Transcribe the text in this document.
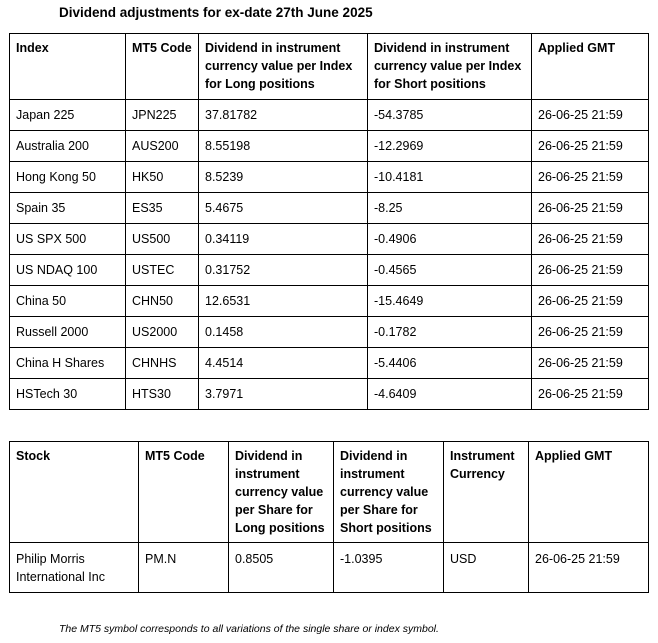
Dividend adjustments for ex-date 27th June 2025
Index	MT5 Code	Dividend in instrument currency value per Index for Long positions	Dividend in instrument currency value per Index for Short positions	Applied GMT
Japan 225	JPN225	37.81782	-54.3785	26-06-25 21:59
Australia 200	AUS200	8.55198	-12.2969	26-06-25 21:59
Hong Kong 50	HK50	8.5239	-10.4181	26-06-25 21:59
Spain 35	ES35	5.4675	-8.25	26-06-25 21:59
US SPX 500	US500	0.34119	-0.4906	26-06-25 21:59
US NDAQ 100	USTEC	0.31752	-0.4565	26-06-25 21:59
China 50	CHN50	12.6531	-15.4649	26-06-25 21:59
Russell 2000	US2000	0.1458	-0.1782	26-06-25 21:59
China H Shares	CHNHS	4.4514	-5.4406	26-06-25 21:59
HSTech 30	HTS30	3.7971	-4.6409	26-06-25 21:59
Stock	MT5 Code	Dividend in instrument currency value per Share for Long positions	Dividend in instrument currency value per Share for Short positions	Instrument Currency	Applied GMT
Philip Morris International Inc	PM.N	0.8505	-1.0395	USD	26-06-25 21:59
The MT5 symbol corresponds to all variations of the single share or index symbol.
